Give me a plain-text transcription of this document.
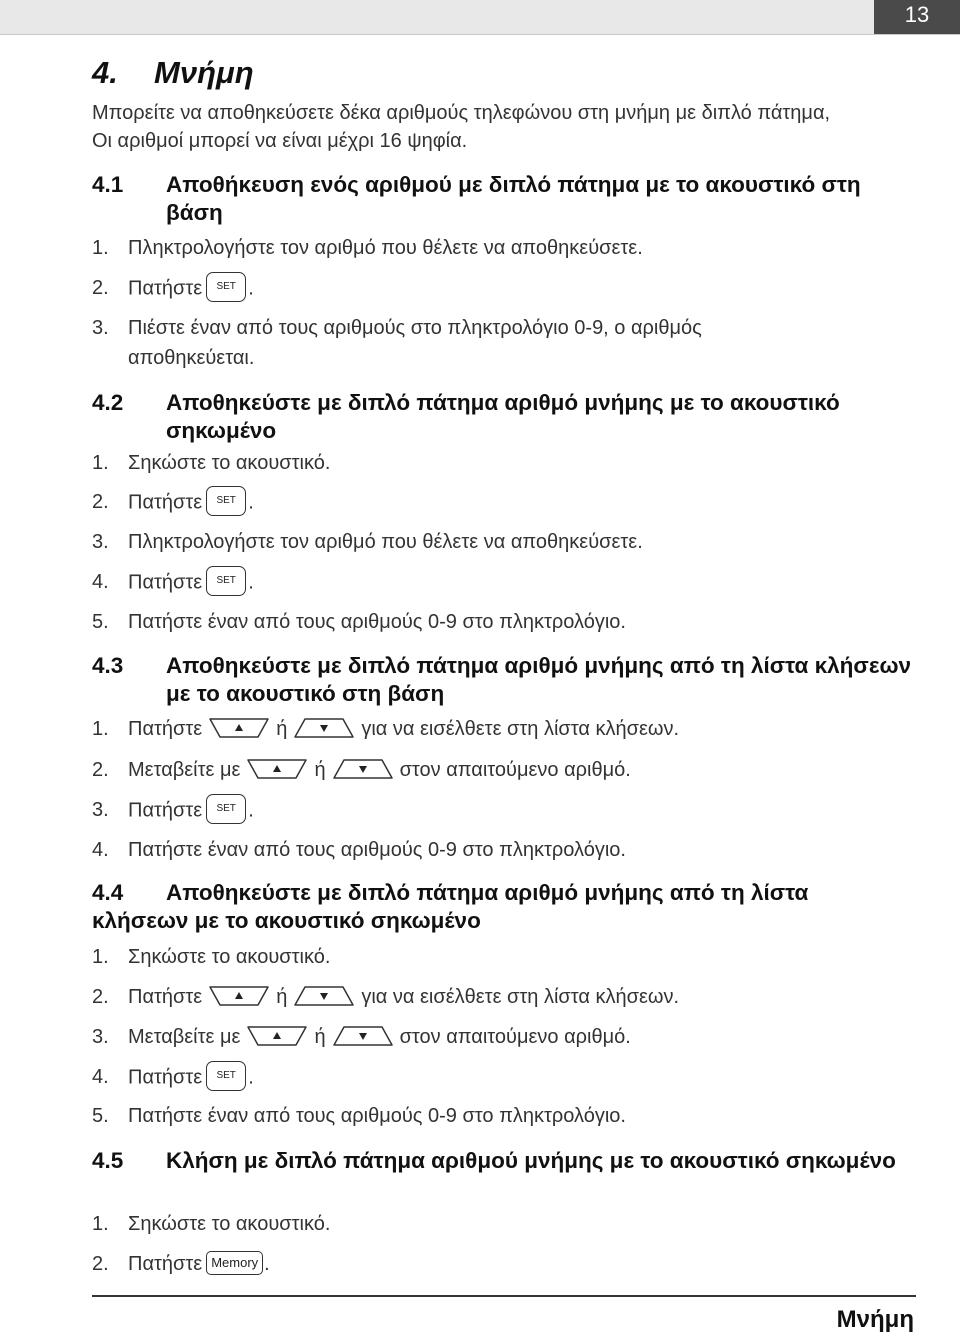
13
4. Μνήμη
Μπορείτε να αποθηκεύσετε δέκα αριθμούς τηλεφώνου στη μνήμη με διπλό πάτημα, Οι αριθμοί μπορεί να είναι μέχρι 16 ψηφία.
4.1 Αποθήκευση ενός αριθμού με διπλό πάτημα με το ακουστικό στη βάση
1. Πληκτρολογήστε τον αριθμό που θέλετε να αποθηκεύσετε.
2. Πατήστε SET .
3. Πιέστε έναν από τους αριθμούς στο πληκτρολόγιο 0-9, ο αριθμός αποθηκεύεται.
4.2 Αποθηκεύστε με διπλό πάτημα αριθμό μνήμης με το ακουστικό σηκωμένο
1. Σηκώστε το ακουστικό.
2. Πατήστε SET .
3. Πληκτρολογήστε τον αριθμό που θέλετε να αποθηκεύσετε.
4. Πατήστε SET .
5. Πατήστε έναν από τους αριθμούς 0-9 στο πληκτρολόγιο.
4.3 Αποθηκεύστε με διπλό πάτημα αριθμό μνήμης από τη λίστα κλήσεων με το ακουστικό στη βάση
1. Πατήστε	ή	για να εισέλθετε στη λίστα κλήσεων.
2. Μεταβείτε με	ή	στον απαιτούμενο αριθμό.
3. Πατήστε SET .
4. Πατήστε έναν από τους αριθμούς 0-9 στο πληκτρολόγιο.
4.4 Αποθηκεύστε με διπλό πάτημα αριθμό μνήμης από τη λίστα
κλήσεων με το ακουστικό σηκωμένο
1. Σηκώστε το ακουστικό.
2. Πατήστε	ή	για να εισέλθετε στη λίστα κλήσεων.
3. Μεταβείτε με	ή	στον απαιτούμενο αριθμό.
4. Πατήστε SET .
5. Πατήστε έναν από τους αριθμούς 0-9 στο πληκτρολόγιο.
4.5 Κλήση με διπλό πάτημα αριθμού μνήμης με το ακουστικό σηκωμένο
1. Σηκώστε το ακουστικό.
2. Πατήστε Memory .
Μνήμη
